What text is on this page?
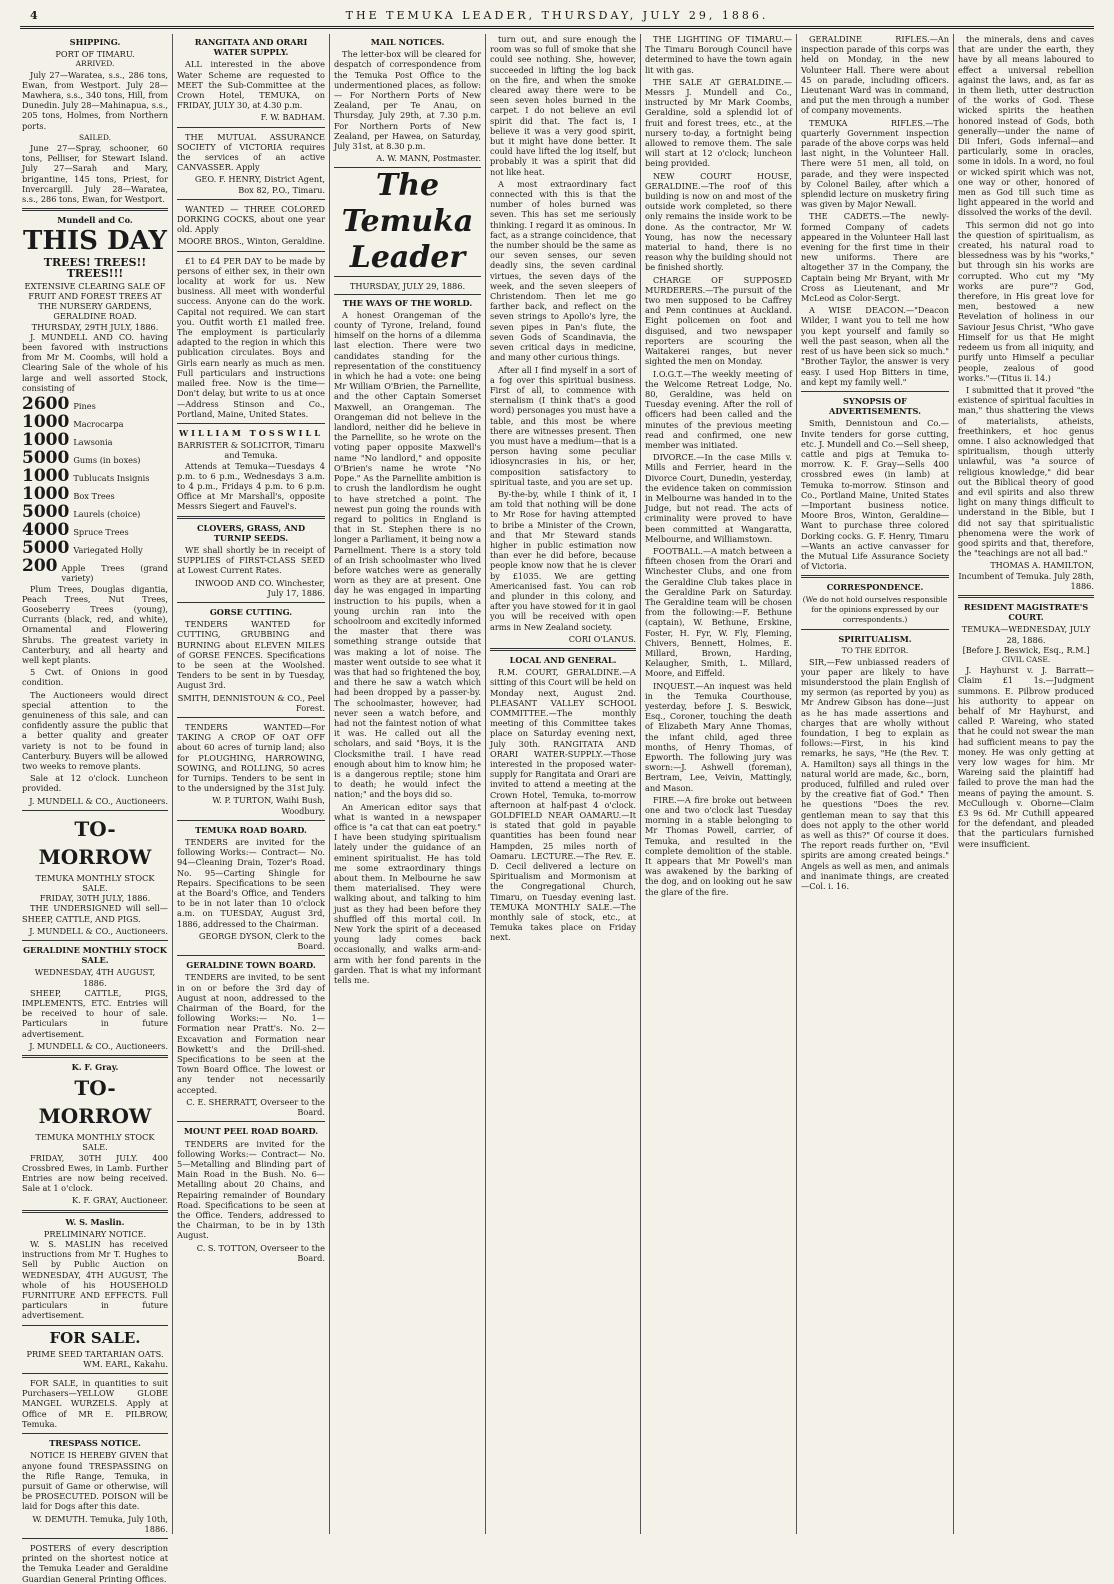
4	THE TEMUKA LEADER, THURSDAY, JULY 29, 1886.
SHIPPING.
PORT OF TIMARU.
ARRIVED.

July 27—Waratea, s.s., 286 tons, Ewan, from Westport. July 28—Mawhera, s.s., 340 tons, Hill, from Dunedin. July 28—Mahinapua, s.s., 205 tons, Holmes, from Northern ports.

SAILED.

June 27—Spray, schooner, 60 tons, Pelliser, for Stewart Island. July 27—Sarah and Mary, brigantine, 145 tons, Priest, for Invercargill. July 28—Waratea, s.s., 286 tons, Ewan, for Westport.

Mundell and Co.
THIS DAY
TREES! TREES!! TREES!!!
EXTENSIVE CLEARING SALE OF FRUIT AND FOREST TREES AT THE NURSERY GARDENS, GERALDINE ROAD.
THURSDAY, 29TH JULY, 1886.

J. MUNDELL AND CO. having been favored with instructions from Mr M. Coombs, will hold a Clearing Sale of the whole of his large and well assorted Stock, consisting of

2600 Pines
1000 Macrocarpa
1000 Lawsonia
5000 Gums (in boxes)
1000 Tublucats Insignis
1000 Box Trees
5000 Laurels (choice)
4000 Spruce Trees
5000 Variegated Holly
200 Apple Trees (grand variety)

Plum Trees, Douglas digantia, Peach Trees, Nut Trees, Gooseberry Trees (young), Currants (black, red, and white), Ornamental and Flowering Shrubs. The greatest variety in Canterbury, and all hearty and well kept plants.

5 Cwt. of Onions in good condition.

The Auctioneers would direct special attention to the genuineness of this sale, and can confidently assure the public that a better quality and greater variety is not to be found in Canterbury. Buyers will be allowed two weeks to remove plants.

Sale at 12 o'clock. Luncheon provided.

J. MUNDELL & CO., Auctioneers.
TO-MORROW
TEMUKA MONTHLY STOCK SALE.
FRIDAY, 30TH JULY, 1886.

THE UNDERSIGNED will sell—SHEEP, CATTLE, AND PIGS.

J. MUNDELL & CO., Auctioneers.
GERALDINE MONTHLY STOCK SALE.
WEDNESDAY, 4TH AUGUST, 1886.

SHEEP, CATTLE, PIGS, IMPLEMENTS, ETC. Entries will be received to hour of sale. Particulars in future advertisement.

J. MUNDELL & CO., Auctioneers.
K. F. Gray.
TO-MORROW
TEMUKA MONTHLY STOCK SALE.

FRIDAY, 30TH JULY. 400 Crossbred Ewes, in Lamb. Further Entries are now being received. Sale at 1 o'clock.

K. F. GRAY, Auctioneer.
W. S. Maslin.
PRELIMINARY NOTICE.

W. S. MASLIN has received instructions from Mr T. Hughes to Sell by Public Auction on WEDNESDAY, 4TH AUGUST, The whole of his HOUSEHOLD FURNITURE AND EFFECTS. Full particulars in future advertisement.

FOR SALE.
PRIME SEED TARTARIAN OATS.
WM. EARL, Kakahu.

FOR SALE, in quantities to suit Purchasers—YELLOW GLOBE MANGEL WURZELS. Apply at Office of MR E. PILBROW, Temuka.

TRESPASS NOTICE.

NOTICE IS HEREBY GIVEN that anyone found TRESPASSING on the Rifle Range, Temuka, in pursuit of Game or otherwise, will be PROSECUTED. POISON will be laid for Dogs after this date.

W. DEMUTH. Temuka, July 10th, 1886.

POSTERS of every description printed on the shortest notice at the Temuka Leader and Geraldine Guardian General Printing Offices.

RANGITATA AND ORARI WATER SUPPLY.

ALL interested in the above Water Scheme are requested to MEET the Sub-Committee at the Crown Hotel, TEMUKA, on FRIDAY, JULY 30, at 4.30 p.m.

F. W. BADHAM.

THE MUTUAL ASSURANCE SOCIETY of VICTORIA requires the services of an active CANVASSER. Apply

GEO. F. HENRY, District Agent, Box 82, P.O., Timaru.

WANTED — THREE COLORED DORKING COCKS, about one year old. Apply

MOORE BROS., Winton, Geraldine.

£1 to £4 PER DAY to be made by persons of either sex, in their own locality at work for us. New business. All meet with wonderful success. Anyone can do the work. Capital not required. We can start you. Outfit worth £1 mailed free. The employment is particularly adapted to the region in which this publication circulates. Boys and Girls earn nearly as much as men. Full particulars and instructions mailed free. Now is the time—Don't delay, but write to us at once—Address Stinson and Co., Portland, Maine, United States.

WILLIAM TOSSWILL
BARRISTER & SOLICITOR, Timaru and Temuka.

Attends at Temuka—Tuesdays 4 p.m. to 6 p.m., Wednesdays 3 a.m. to 4 p.m., Fridays 4 p.m. to 6 p.m. Office at Mr Marshall's, opposite Messrs Siegert and Fauvel's.

CLOVERS, GRASS, AND TURNIP SEEDS.

WE shall shortly be in receipt of SUPPLIES of FIRST-CLASS SEED at Lowest Current Rates.

INWOOD AND CO. Winchester, July 17, 1886.
GORSE CUTTING.

TENDERS WANTED for CUTTING, GRUBBING and BURNING about ELEVEN MILES of GORSE FENCES. Specifications to be seen at the Woolshed. Tenders to be sent in by Tuesday, August 3rd.

SMITH, DENNISTOUN & CO., Peel Forest.

TENDERS WANTED—For TAKING A CROP OF OAT OFF about 60 acres of turnip land; also for PLOUGHING, HARROWING, SOWING, and ROLLING, 50 acres for Turnips. Tenders to be sent in to the undersigned by the 31st July.

W. P. TURTON, Waihi Bush, Woodbury.
TEMUKA ROAD BOARD.

TENDERS are invited for the following Works:— Contract— No. 94—Cleaning Drain, Tozer's Road. No. 95—Carting Shingle for Repairs. Specifications to be seen at the Board's Office, and Tenders to be in not later than 10 o'clock a.m. on TUESDAY, August 3rd, 1886, addressed to the Chairman.

GEORGE DYSON, Clerk to the Board.
GERALDINE TOWN BOARD.

TENDERS are invited, to be sent in on or before the 3rd day of August at noon, addressed to the Chairman of the Board, for the following Works:— No. 1—Formation near Pratt's. No. 2—Excavation and Formation near Bowkett's and the Drill-shed. Specifications to be seen at the Town Board Office. The lowest or any tender not necessarily accepted.

C. E. SHERRATT, Overseer to the Board.
MOUNT PEEL ROAD BOARD.

TENDERS are invited for the following Works:— Contract— No. 5—Metalling and Blinding part of Main Road in the Bush. No. 6—Metalling about 20 Chains, and Repairing remainder of Boundary Road. Specifications to be seen at the Office. Tenders, addressed to the Chairman, to be in by 13th August.

C. S. TOTTON, Overseer to the Board.
MAIL NOTICES.

The letter-box will be cleared for despatch of correspondence from the Temuka Post Office to the undermentioned places, as follow:— For Northern Ports of New Zealand, per Te Anau, on Thursday, July 29th, at 7.30 p.m. For Northern Ports of New Zealand, per Hawea, on Saturday, July 31st, at 8.30 p.m.

A. W. MANN, Postmaster.
The Temuka Leader
THURSDAY, JULY 29, 1886.
THE WAYS OF THE WORLD.

A honest Orangeman of the county of Tyrone, Ireland, found himself on the horns of a dilemma last election. There were two candidates standing for the representation of the constituency in which he had a vote: one being Mr William O'Brien, the Parnellite, and the other Captain Somerset Maxwell, an Orangeman. The Orangeman did not believe in the landlord, neither did he believe in the Parnellite, so he wrote on the voting paper opposite Maxwell's name "No landlord," and opposite O'Brien's name he wrote "No Pope." As the Parnellite ambition is to crush the landlordism he ought to have stretched a point. The newest pun going the rounds with regard to politics in England is that in St. Stephen there is no longer a Parliament, it being now a Parnellment. There is a story told of an Irish schoolmaster who lived before watches were as generally worn as they are at present. One day he was engaged in imparting instruction to his pupils, when a young urchin ran into the schoolroom and excitedly informed the master that there was something strange outside that was making a lot of noise. The master went outside to see what it was that had so frightened the boy, and there he saw a watch which had been dropped by a passer-by. The schoolmaster, however, had never seen a watch before, and had not the faintest notion of what it was. He called out all the scholars, and said "Boys, it is the Clocksmithe trail. I have read enough about him to know him; he is a dangerous reptile; stone him to death; he would infect the nation;" and the boys did so.

An American editor says that what is wanted in a newspaper office is "a cat that can eat poetry." I have been studying spiritualism lately under the guidance of an eminent spiritualist. He has told me some extraordinary things about them. In Melbourne he saw them materialised. They were walking about, and talking to him just as they had been before they shuffled off this mortal coil. In New York the spirit of a deceased young lady comes back occasionally, and walks arm-and-arm with her fond parents in the garden. That is what my informant tells me.

turn out, and sure enough the room was so full of smoke that she could see nothing. She, however, succeeded in lifting the log back on the fire, and when the smoke cleared away there were to be seen seven holes burned in the carpet. I do not believe an evil spirit did that. The fact is, I believe it was a very good spirit, but it might have done better. It could have lifted the log itself, but probably it was a spirit that did not like heat.

A most extraordinary fact connected with this is that the number of holes burned was seven. This has set me seriously thinking. I regard it as ominous. In fact, as a strange coincidence, that the number should be the same as our seven senses, our seven deadly sins, the seven cardinal virtues, the seven days of the week, and the seven sleepers of Christendom. Then let me go farther back, and reflect on the seven strings to Apollo's lyre, the seven pipes in Pan's flute, the seven Gods of Scandinavia, the seven critical days in medicine, and many other curious things.

After all I find myself in a sort of a fog over this spiritual business. First of all, to commence with sternalism (I think that's a good word) personages you must have a table, and this most be where there are witnesses present. Then you must have a medium—that is a person having some peculiar idiosyncrasies in his, or her, composition satisfactory to spiritual taste, and you are set up.

By-the-by, while I think of it, I am told that nothing will be done to Mr Rose for having attempted to bribe a Minister of the Crown, and that Mr Steward stands higher in public estimation now than ever he did before, because people know now that he is clever by £1035. We are getting Americanised fast. You can rob and plunder in this colony, and after you have stowed for it in gaol you will be received with open arms in New Zealand society.

CORI O'LANUS.
LOCAL AND GENERAL.

R.M. COURT, GERALDINE.—A sitting of this Court will be held on Monday next, August 2nd. PLEASANT VALLEY SCHOOL COMMITTEE.—The monthly meeting of this Committee takes place on Saturday evening next, July 30th. RANGITATA AND ORARI WATER-SUPPLY.—Those interested in the proposed water-supply for Rangitata and Orari are invited to attend a meeting at the Crown Hotel, Temuka, to-morrow afternoon at half-past 4 o'clock. GOLDFIELD NEAR OAMARU.—It is stated that gold in payable quantities has been found near Hampden, 25 miles north of Oamaru. LECTURE.—The Rev. E. D. Cecil delivered a lecture on Spiritualism and Mormonism at the Congregational Church, Timaru, on Tuesday evening last. TEMUKA MONTHLY SALE.—The monthly sale of stock, etc., at Temuka takes place on Friday next.

THE LIGHTING OF TIMARU.—The Timaru Borough Council have determined to have the town again lit with gas.

THE SALE AT GERALDINE.—Messrs J. Mundell and Co., instructed by Mr Mark Coombs, Geraldine, sold a splendid lot of fruit and forest trees, etc., at the nursery to-day, a fortnight being allowed to remove them. The sale will start at 12 o'clock; luncheon being provided.

NEW COURT HOUSE, GERALDINE.—The roof of this building is now on and most of the outside work completed, so there only remains the inside work to be done. As the contractor, Mr W. Young, has now the necessary material to hand, there is no reason why the building should not be finished shortly.

CHARGE OF SUPPOSED MURDERERS.—The pursuit of the two men supposed to be Caffrey and Penn continues at Auckland. Eight policemen on foot and disguised, and two newspaper reporters are scouring the Waitakerei ranges, but never sighted the men on Monday.

I.O.G.T.—The weekly meeting of the Welcome Retreat Lodge, No. 80, Geraldine, was held on Tuesday evening. After the roll of officers had been called and the minutes of the previous meeting read and confirmed, one new member was initiated.

DIVORCE.—In the case Mills v. Mills and Ferrier, heard in the Divorce Court, Dunedin, yesterday, the evidence taken on commission in Melbourne was handed in to the Judge, but not read. The acts of criminality were proved to have been committed at Wangaratta, Melbourne, and Williamstown.

FOOTBALL.—A match between a fifteen chosen from the Orari and Winchester Clubs, and one from the Geraldine Club takes place in the Geraldine Park on Saturday. The Geraldine team will be chosen from the following:—F. Bethune (captain), W. Bethune, Erskine, Foster, H. Fyr, W. Fly, Fleming, Chivers, Bennett, Holmes, E. Millard, Brown, Harding, Kelaugher, Smith, L. Millard, Moore, and Eiffeld.

INQUEST.—An inquest was held in the Temuka Courthouse, yesterday, before J. S. Beswick, Esq., Coroner, touching the death of Elizabeth Mary Anne Thomas, the infant child, aged three months, of Henry Thomas, of Epworth. The following jury was sworn:—J. Ashwell (foreman), Bertram, Lee, Veivin, Mattingly, and Mason.

FIRE.—A fire broke out between one and two o'clock last Tuesday morning in a stable belonging to Mr Thomas Powell, carrier, of Temuka, and resulted in the complete demolition of the stable. It appears that Mr Powell's man was awakened by the barking of the dog, and on looking out he saw the glare of the fire.

GERALDINE RIFLES.—An inspection parade of this corps was held on Monday, in the new Volunteer Hall. There were about 45 on parade, including officers. Lieutenant Ward was in command, and put the men through a number of company movements.

TEMUKA RIFLES.—The quarterly Government inspection parade of the above corps was held last night, in the Volunteer Hall. There were 51 men, all told, on parade, and they were inspected by Colonel Bailey, after which a splendid lecture on musketry firing was given by Major Newall.

THE CADETS.—The newly-formed Company of cadets appeared in the Volunteer Hall last evening for the first time in their new uniforms. There are altogether 37 in the Company, the Captain being Mr Bryant, with Mr Cross as Lieutenant, and Mr McLeod as Color-Sergt.

A WISE DEACON.—"Deacon Wilder, I want you to tell me how you kept yourself and family so well the past season, when all the rest of us have been sick so much." "Brother Taylor, the answer is very easy. I used Hop Bitters in time, and kept my family well."

SYNOPSIS OF ADVERTISEMENTS.

Smith, Dennistoun and Co.—Invite tenders for gorse cutting, etc. J. Mundell and Co.—Sell sheep, cattle and pigs at Temuka to-morrow. K. F. Gray—Sells 400 crossbred ewes (in lamb) at Temuka to-morrow. Stinson and Co., Portland Maine, United States—Important business notice. Moore Bros, Winton, Geraldine—Want to purchase three colored Dorking cocks. G. F. Henry, Timaru—Wants an active canvasser for the Mutual Life Assurance Society of Victoria.

CORRESPONDENCE.
(We do not hold ourselves responsible for the opinions expressed by our correspondents.)
SPIRITUALISM.
TO THE EDITOR.

SIR,—Few unbiassed readers of your paper are likely to have misunderstood the plain English of my sermon (as reported by you) as Mr Andrew Gibson has done—just as he has made assertions and charges that are wholly without foundation, I beg to explain as follows:—First, in his kind remarks, he says, "He (the Rev. T. A. Hamilton) says all things in the natural world are made, &c., born, produced, fulfilled and ruled over by the creative fiat of God." Then he questions "Does the rev. gentleman mean to say that this does not apply to the other world as well as this?" Of course it does. The report reads further on, "Evil spirits are among created beings." Angels as well as men, and animals and inanimate things, are created—Col. i. 16.

the minerals, dens and caves that are under the earth, they have by all means laboured to effect a universal rebellion against the laws, and, as far as in them lieth, utter destruction of the works of God. These wicked spirits the heathen honored instead of Gods, both generally—under the name of Dii Inferi, Gods infernal—and particularly, some in oracles, some in idols. In a word, no foul or wicked spirit which was not, one way or other, honored of men as God till such time as light appeared in the world and dissolved the works of the devil.

This sermon did not go into the question of spiritualism, as created, his natural road to blessedness was by his "works," but through sin his works are corrupted. Who cut my "My works are pure"? God, therefore, in His great love for men, bestowed a new Revelation of holiness in our Saviour Jesus Christ, "Who gave Himself for us that He might redeem us from all iniquity, and purify unto Himself a peculiar people, zealous of good works."—(Titus ii. 14.)

I submitted that it proved "the existence of spiritual faculties in man," thus shattering the views of materialists, atheists, freethinkers, et hoc genus omne. I also acknowledged that spiritualism, though utterly unlawful, was "a source of religious knowledge," did bear out the Biblical theory of good and evil spirits and also threw light on many things difficult to understand in the Bible, but I did not say that spiritualistic phenomena were the work of good spirits and that, therefore, the "teachings are not all bad."

THOMAS A. HAMILTON, Incumbent of Temuka. July 28th, 1886.
RESIDENT MAGISTRATE'S COURT.
TEMUKA—WEDNESDAY, JULY 28, 1886.
[Before J. Beswick, Esq., R.M.]
CIVIL CASE.

J. Hayhurst v. J. Barratt—Claim £1 1s.—Judgment summons. E. Pilbrow produced his authority to appear on behalf of Mr Hayhurst, and called P. Wareing, who stated that he could not swear the man had sufficient means to pay the money. He was only getting at very low wages for him. Mr Wareing said the plaintiff had failed to prove the man had the means of paying the amount. S. McCullough v. Oborne—Claim £3 9s 6d. Mr Cuthill appeared for the defendant, and pleaded that the particulars furnished were insufficient.
